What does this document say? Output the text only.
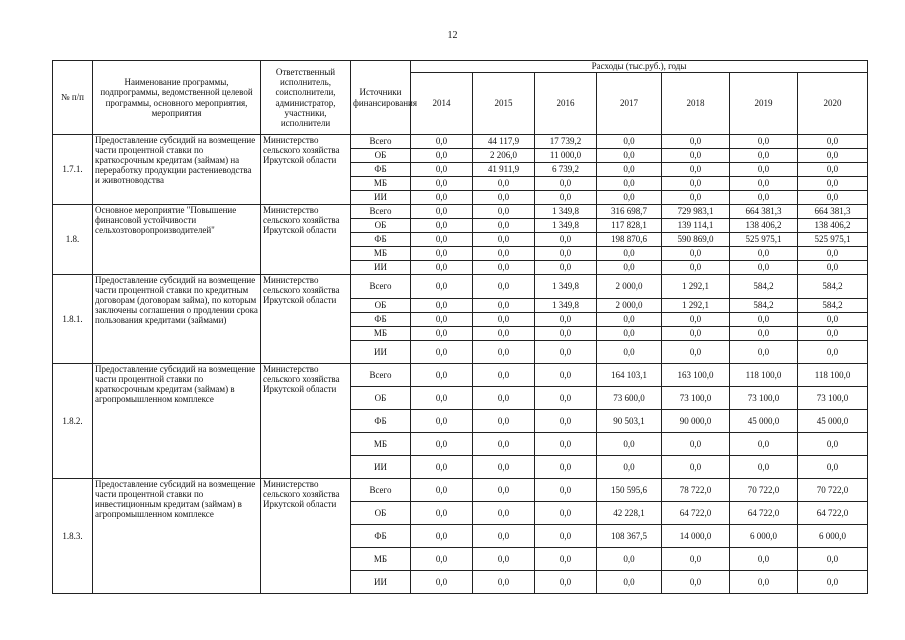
12
№ п/п	Наименование программы, подпрограммы, ведомственной целевой программы, основного мероприятия, мероприятия	Ответственный исполнитель, соисполнители, администратор, участники, исполнители	Источники финансирования	Расходы (тыс.руб.), годы						
				2014	2015	2016	2017	2018	2019	2020
1.7.1.	Предоставление субсидий на возмещение части процентной ставки по краткосрочным кредитам (займам) на переработку продукции растениеводства и животноводства	Министерство сельского хозяйства Иркутской области	Всего	0,0	44 117,9	17 739,2	0,0	0,0	0,0	0,0
			ОБ	0,0	2 206,0	11 000,0	0,0	0,0	0,0	0,0
			ФБ	0,0	41 911,9	6 739,2	0,0	0,0	0,0	0,0
			МБ	0,0	0,0	0,0	0,0	0,0	0,0	0,0
			ИИ	0,0	0,0	0,0	0,0	0,0	0,0	0,0
1.8.	Основное мероприятие "Повышение финансовой устойчивости сельхозтоворопроизводителей"	Министерство сельского хозяйства Иркутской области	Всего	0,0	0,0	1 349,8	316 698,7	729 983,1	664 381,3	664 381,3
			ОБ	0,0	0,0	1 349,8	117 828,1	139 114,1	138 406,2	138 406,2
			ФБ	0,0	0,0	0,0	198 870,6	590 869,0	525 975,1	525 975,1
			МБ	0,0	0,0	0,0	0,0	0,0	0,0	0,0
			ИИ	0,0	0,0	0,0	0,0	0,0	0,0	0,0
1.8.1.	Предоставление субсидий на возмещение части процентной ставки по кредитным договорам (договорам займа), по которым заключены соглашения о продлении срока пользования кредитами (займами)	Министерство сельского хозяйства Иркутской области	Всего	0,0	0,0	1 349,8	2 000,0	1 292,1	584,2	584,2
			ОБ	0,0	0,0	1 349,8	2 000,0	1 292,1	584,2	584,2
			ФБ	0,0	0,0	0,0	0,0	0,0	0,0	0,0
			МБ	0,0	0,0	0,0	0,0	0,0	0,0	0,0
			ИИ	0,0	0,0	0,0	0,0	0,0	0,0	0,0
1.8.2.	Предоставление субсидий на возмещение части процентной ставки по краткосрочным кредитам (займам) в агропромышленном комплексе	Министерство сельского хозяйства Иркутской области	Всего	0,0	0,0	0,0	164 103,1	163 100,0	118 100,0	118 100,0
			ОБ	0,0	0,0	0,0	73 600,0	73 100,0	73 100,0	73 100,0
			ФБ	0,0	0,0	0,0	90 503,1	90 000,0	45 000,0	45 000,0
			МБ	0,0	0,0	0,0	0,0	0,0	0,0	0,0
			ИИ	0,0	0,0	0,0	0,0	0,0	0,0	0,0
1.8.3.	Предоставление субсидий на возмещение части процентной ставки по инвестиционным кредитам (займам) в агропромышленном комплексе	Министерство сельского хозяйства Иркутской области	Всего	0,0	0,0	0,0	150 595,6	78 722,0	70 722,0	70 722,0
			ОБ	0,0	0,0	0,0	42 228,1	64 722,0	64 722,0	64 722,0
			ФБ	0,0	0,0	0,0	108 367,5	14 000,0	6 000,0	6 000,0
			МБ	0,0	0,0	0,0	0,0	0,0	0,0	0,0
			ИИ	0,0	0,0	0,0	0,0	0,0	0,0	0,0
